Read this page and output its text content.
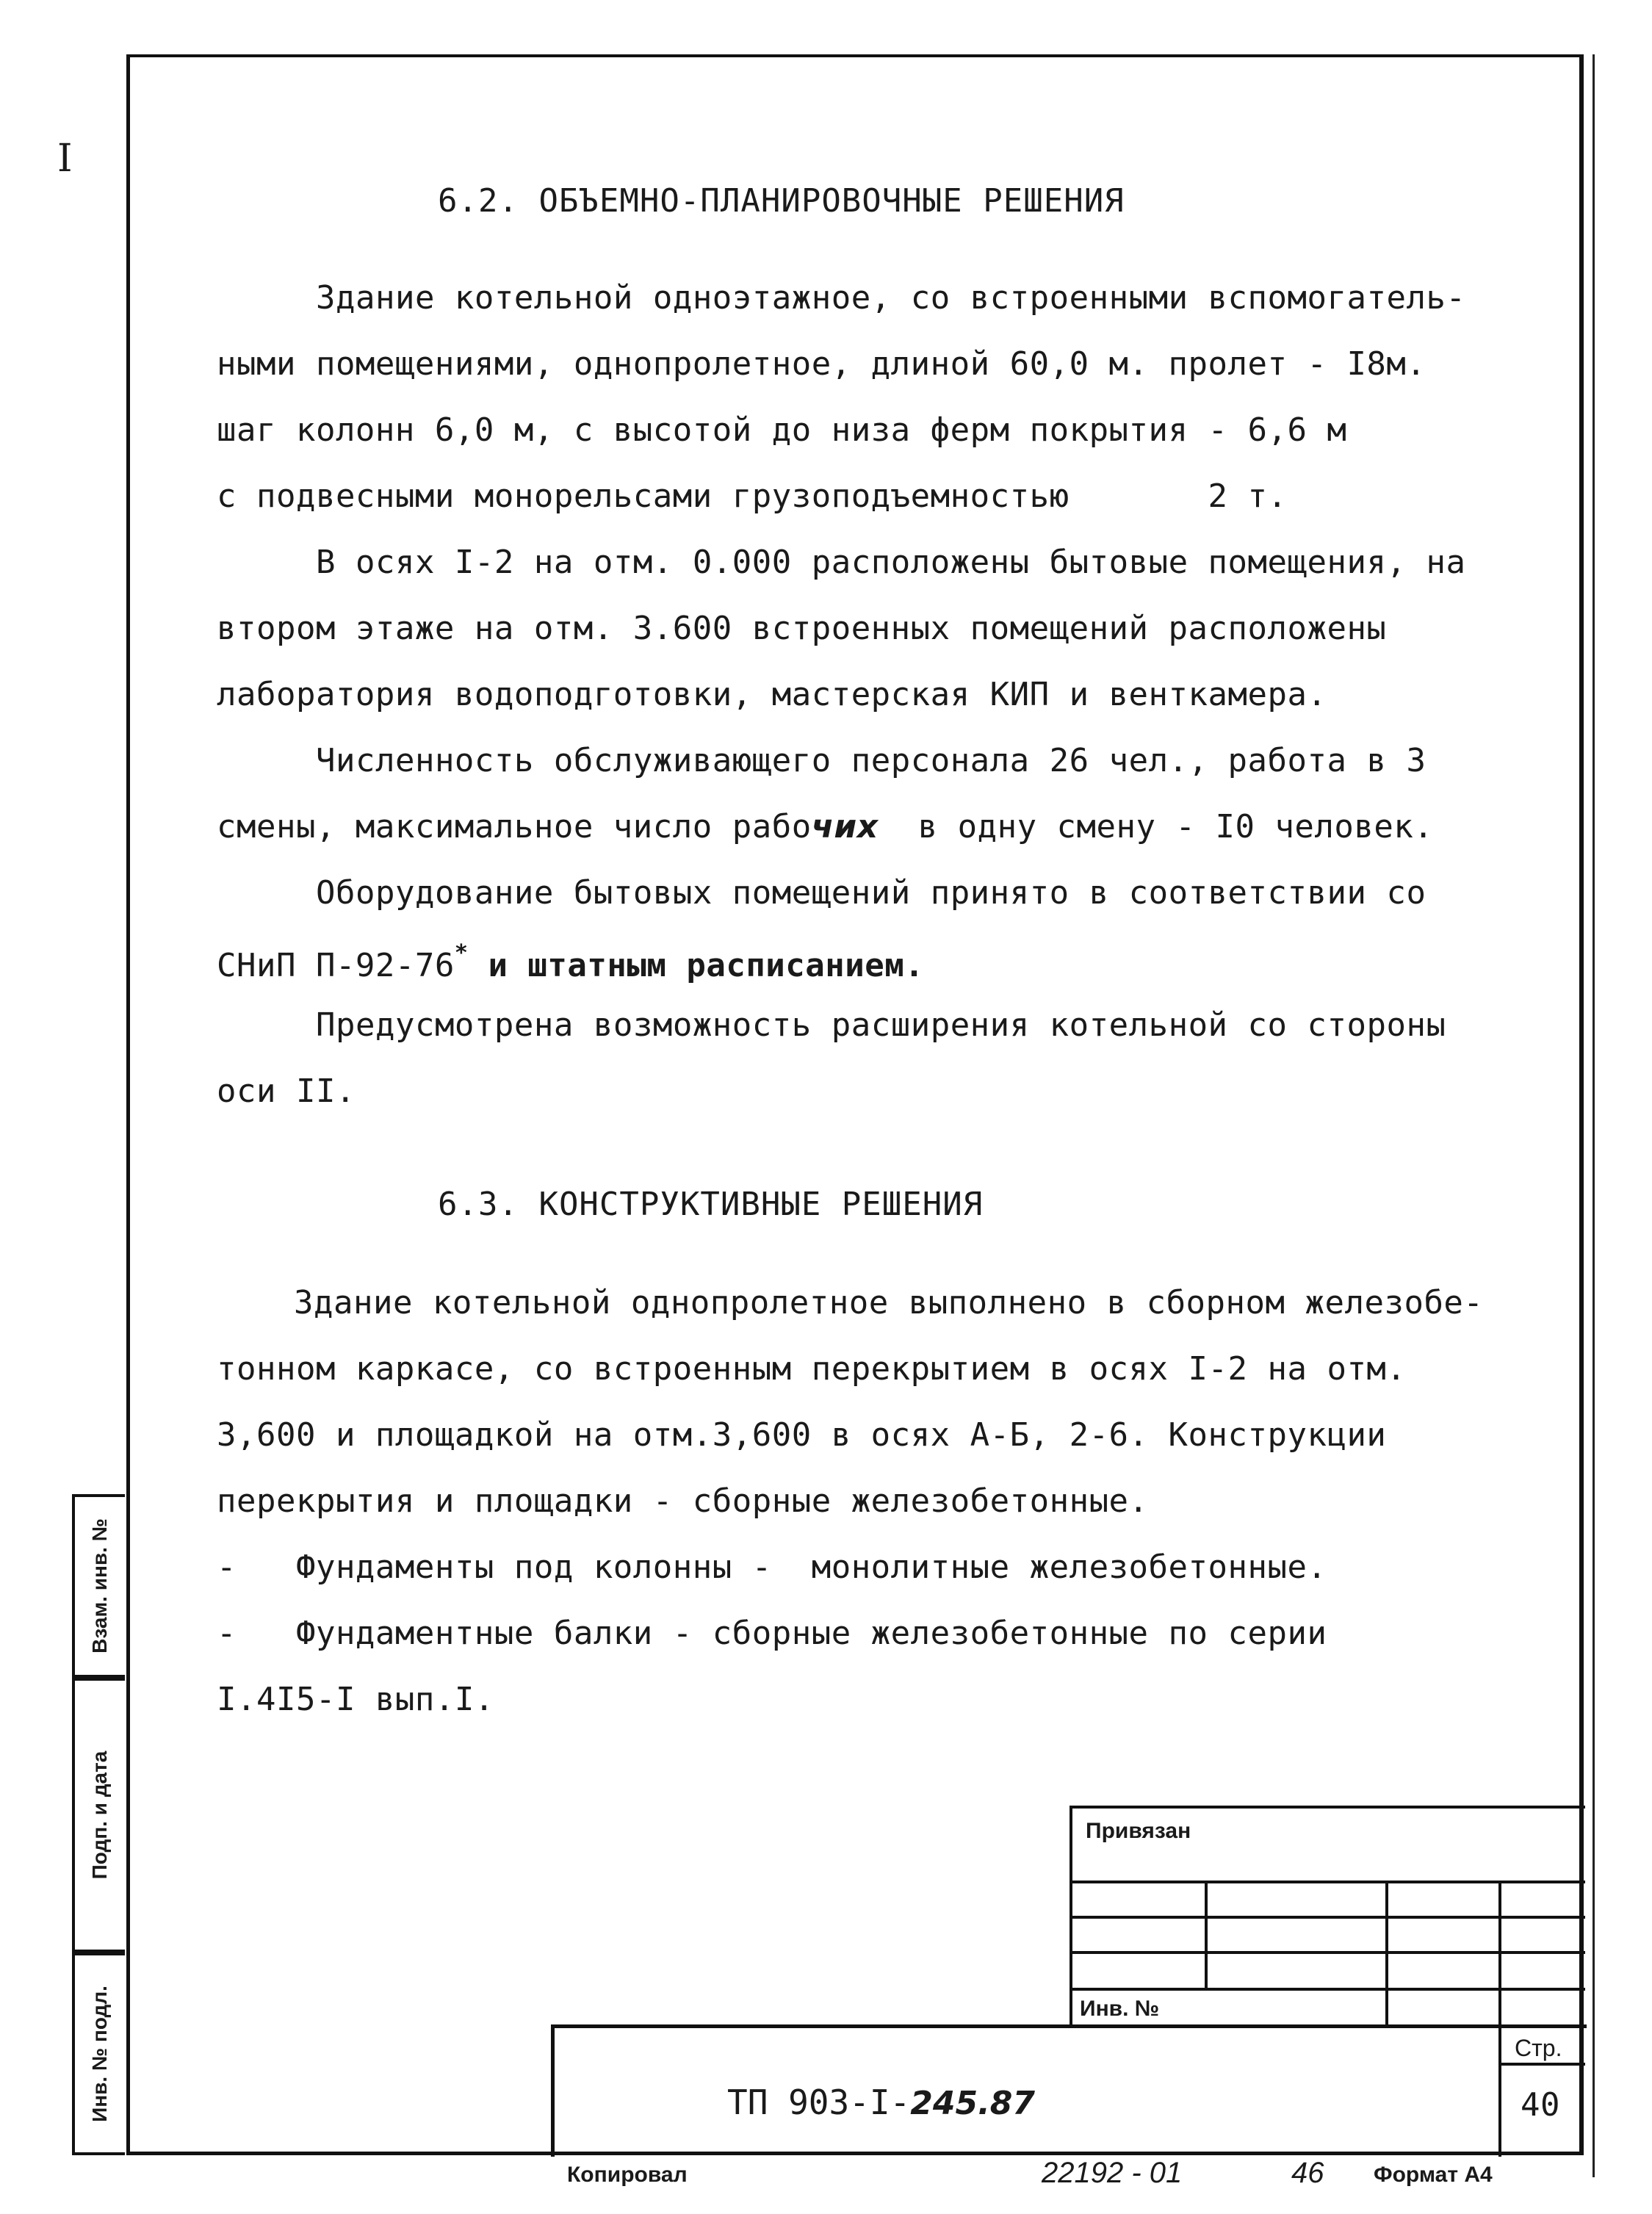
I
6.2. ОБЪЕМНО-ПЛАНИРОВОЧНЫЕ РЕШЕНИЯ
Здание котельной одноэтажное, со встроенными вспомогатель-
ными помещениями, однопролетное, длиной 60,0 м. пролет - I8м.
шаг колонн 6,0 м, с высотой до низа ферм покрытия - 6,6 м
с подвесными монорельсами грузоподъемностью       2 т.
В осях I-2 на отм. 0.000 расположены бытовые помещения, на
втором этаже на отм. 3.600 встроенных помещений расположены
лаборатория водоподготовки, мастерская КИП и венткамера.
Численность обслуживающего персонала 26 чел., работа в 3
смены, максимальное число рабочих  в одну смену - I0 человек.
Оборудование бытовых помещений принято в соответствии со
СНиП П-92-76* и штатным расписанием.
Предусмотрена возможность расширения котельной со стороны
оси II.
6.3. КОНСТРУКТИВНЫЕ РЕШЕНИЯ
Здание котельной однопролетное выполнено в сборном железобе-
тонном каркасе, со встроенным перекрытием в осях I-2 на отм.
3,600 и площадкой на отм.3,600 в осях А-Б, 2-6. Конструкции
перекрытия и площадки - сборные железобетонные.
-   Фундаменты под колонны -  монолитные железобетонные.
-   Фундаментные балки - сборные железобетонные по серии
I.4I5-I вып.I.
Взам. инв. №
Подп. и дата
Инв. № подл.
Привязан
Инв. №
ТП 903-I-245.87
Стр.
40
Копировал	22192 - 01	46 Формат А4
